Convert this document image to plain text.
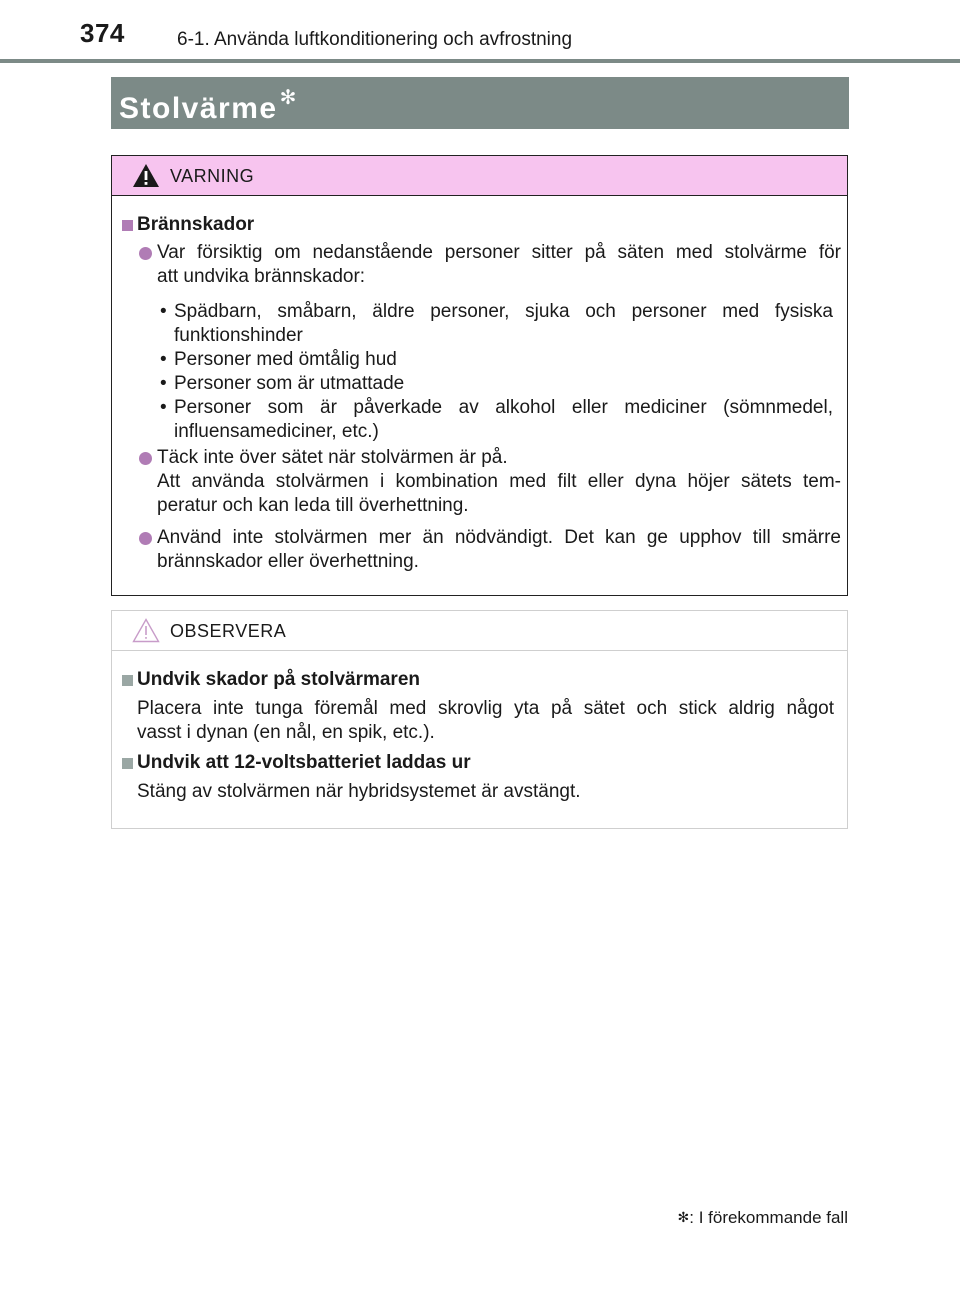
374	6-1. Använda luftkonditionering och avfrostning
Stolvärme ✻
VARNING
Brännskador
Var försiktig om nedanstående personer sitter på säten med stolvärme för
att undvika brännskador:
• Spädbarn, småbarn, äldre personer, sjuka och personer med fysiska
funktionshinder
• Personer med ömtålig hud
• Personer som är utmattade
• Personer som är påverkade av alkohol eller mediciner (sömnmedel,
influensamediciner, etc.)
Täck inte över sätet när stolvärmen är på.
Att använda stolvärmen i kombination med filt eller dyna höjer sätets tem-
peratur och kan leda till överhettning.
Använd inte stolvärmen mer än nödvändigt. Det kan ge upphov till smärre
brännskador eller överhettning.
OBSERVERA
Undvik skador på stolvärmaren
Placera inte tunga föremål med skrovlig yta på sätet och stick aldrig något
vasst i dynan (en nål, en spik, etc.).
Undvik att 12-voltsbatteriet laddas ur
Stäng av stolvärmen när hybridsystemet är avstängt.
✻: I förekommande fall
